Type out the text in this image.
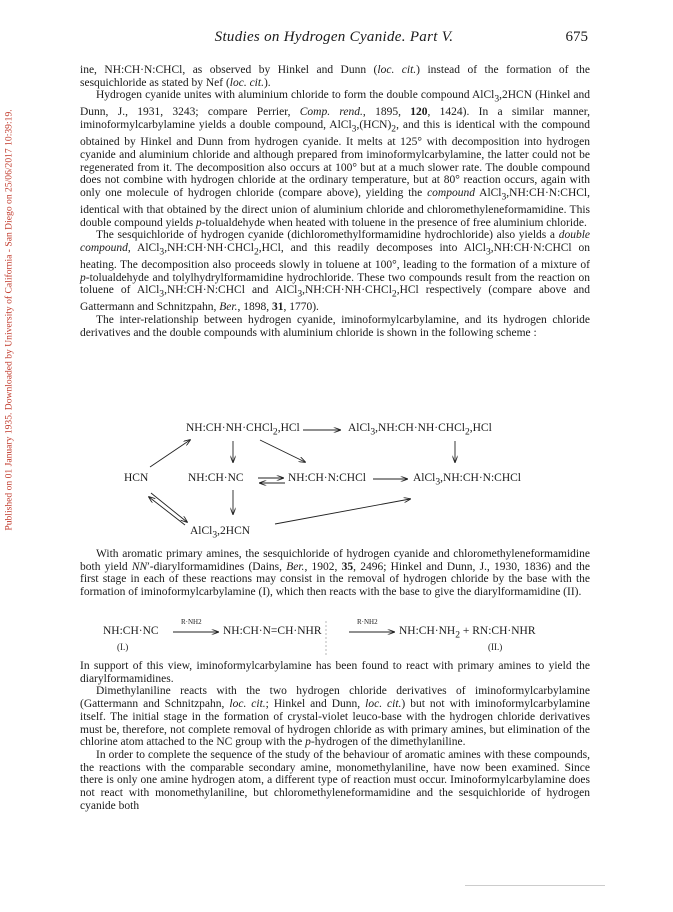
Published on 01 January 1935. Downloaded by University of California - San Diego on 25/06/2017 10:39:19.
Studies on Hydrogen Cyanide. Part V.	675

ine, NH:CH·N:CHCl, as observed by Hinkel and Dunn (loc. cit.) instead of the formation of the sesquichloride as stated by Nef (loc. cit.).

Hydrogen cyanide unites with aluminium chloride to form the double compound AlCl$_3$,2HCN (Hinkel and Dunn, J., 1931, 3243; compare Perrier, Comp. rend., 1895, 120, 1424). In a similar manner, iminoformylcarbylamine yields a double compound, $AlCl_3,(HCN)_2$, and this is identical with the compound obtained by Hinkel and Dunn from hydrogen cyanide. It melts at 125° with decomposition into hydrogen cyanide and aluminium chloride and although prepared from iminoformylcarbylamine, the latter could not be regenerated from it. The decomposition also occurs at 100° but at a much slower rate. The double compound does not combine with hydrogen chloride at the ordinary temperature, but at 80° reaction occurs, again with only one molecule of hydrogen chloride (compare above), yielding the compound AlCl$_3$,NH:CH·N:CHCl, identical with that obtained by the direct union of aluminium chloride and chloromethyleneformamidine. This double compound yields p-tolualdehyde when heated with toluene in the presence of free aluminium chloride.

The sesquichloride of hydrogen cyanide (dichloromethylformamidine hydrochloride) also yields a double compound, AlCl$_3$,NH:CH·NH·CHCl$_2$,HCl, and this readily decomposes into AlCl$_3$,NH:CH·N:CHCl on heating. The decomposition also proceeds slowly in toluene at 100°, leading to the formation of a mixture of p-tolualdehyde and tolylhydrylformamidine hydrochloride. These two compounds result from the reaction on toluene of AlCl$_3$,NH:CH·N:CHCl and AlCl$_3$,NH:CH·NH·CHCl$_2$,HCl respectively (compare above and Gattermann and Schnitzpahn, Ber., 1898, 31, 1770).

The inter-relationship between hydrogen cyanide, iminoformylcarbylamine, and its hydrogen chloride derivatives and the double compounds with aluminium chloride is shown in the following scheme :

NH:CH·NH·CHCl$_2$,HCl	AlCl$_3$,NH:CH·NH·CHCl$_2$,HCl
HCN	NH:CH·NC	NH:CH·N:CHCl	AlCl$_3$,NH:CH·N:CHCl
AlCl$_3$,2HCN

With aromatic primary amines, the sesquichloride of hydrogen cyanide and chloromethyleneformamidine both yield NN′-diarylformamidines (Dains, Ber., 1902, 35, 2496; Hinkel and Dunn, J., 1930, 1836) and the first stage in each of these reactions may consist in the removal of hydrogen chloride by the base with the formation of iminoformylcarbylamine (I), which then reacts with the base to give the diarylformamidine (II).

NH:CH·NC
R·NH2
NH:CH·N=CH·NHR
R·NH2
$NH:CH\cdot NH_2$ + RN:CH·NHR
(I.)	(II.)

In support of this view, iminoformylcarbylamine has been found to react with primary amines to yield the diarylformamidines.

Dimethylaniline reacts with the two hydrogen chloride derivatives of iminoformylcarbylamine (Gattermann and Schnitzpahn, loc. cit.; Hinkel and Dunn, loc. cit.) but not with iminoformylcarbylamine itself. The initial stage in the formation of crystal-violet leuco-base with the hydrogen chloride derivatives must be, therefore, not complete removal of hydrogen chloride as with primary amines, but elimination of the chlorine atom attached to the NC group with the p-hydrogen of the dimethylaniline.

In order to complete the sequence of the study of the behaviour of aromatic amines with these compounds, the reactions with the comparable secondary amine, monomethylaniline, have now been examined. Since there is only one amine hydrogen atom, a different type of reaction must occur. Iminoformylcarbylamine does not react with monomethylaniline, but chloromethyleneformamidine and the sesquichloride of hydrogen cyanide both
